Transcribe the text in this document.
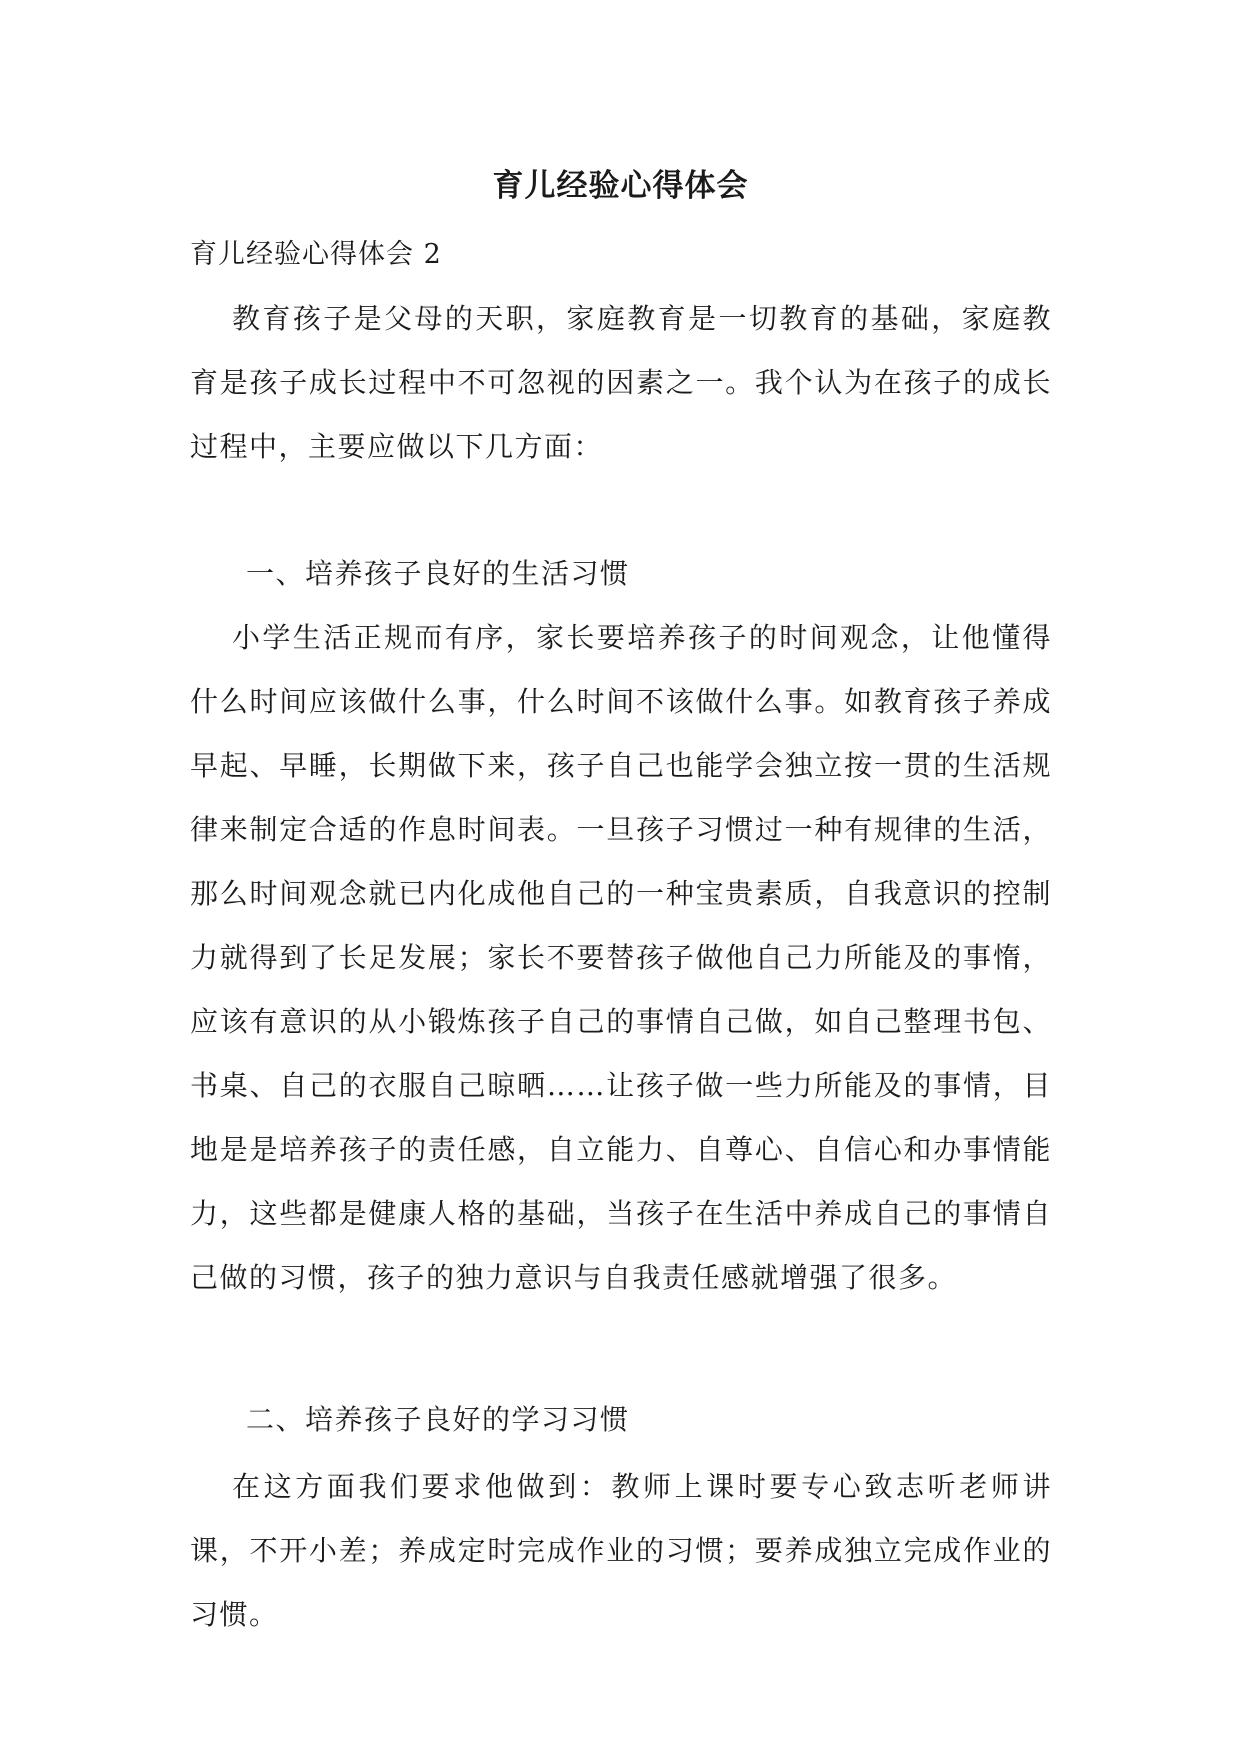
育儿经验心得体会
育儿经验心得体会 2

教育孩子是父母的天职，家庭教育是一切教育的基础，家庭教育是孩子成长过程中不可忽视的因素之一。我个认为在孩子的成长过程中，主要应做以下几方面：

一、培养孩子良好的生活习惯

小学生活正规而有序，家长要培养孩子的时间观念，让他懂得什么时间应该做什么事，什么时间不该做什么事。如教育孩子养成早起、早睡，长期做下来，孩子自己也能学会独立按一贯的生活规律来制定合适的作息时间表。一旦孩子习惯过一种有规律的生活，那么时间观念就已内化成他自己的一种宝贵素质，自我意识的控制力就得到了长足发展；家长不要替孩子做他自己力所能及的事惰，应该有意识的从小锻炼孩子自己的事情自己做，如自己整理书包、书桌、自己的衣服自己晾晒……让孩子做一些力所能及的事情，目地是是培养孩子的责任感，自立能力、自尊心、自信心和办事情能力，这些都是健康人格的基础，当孩子在生活中养成自己的事情自己做的习惯，孩子的独力意识与自我责任感就增强了很多。

二、培养孩子良好的学习习惯

在这方面我们要求他做到：教师上课时要专心致志听老师讲课，不开小差；养成定时完成作业的习惯；要养成独立完成作业的习惯。
